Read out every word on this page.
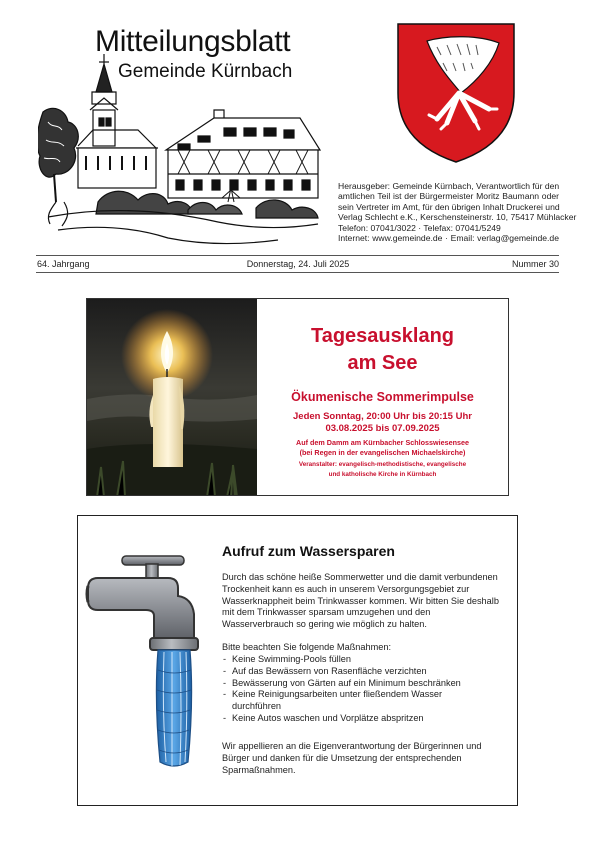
Mitteilungsblatt
Gemeinde Kürnbach
Herausgeber: Gemeinde Kürnbach, Verantwortlich für den
amtlichen Teil ist der Bürgermeister Moritz Baumann oder
sein Vertreter im Amt, für den übrigen Inhalt Druckerei und
Verlag Schlecht e.K., Kerschensteinerstr. 10, 75417 Mühlacker
Telefon: 07041/3022 · Telefax: 07041/5249
Internet: www.gemeinde.de · Email: verlag@gemeinde.de
64. Jahrgang	Donnerstag, 24. Juli 2025	Nummer 30
Tagesausklang
am See
Ökumenische Sommerimpulse
Jeden Sonntag, 20:00 Uhr bis 20:15 Uhr
03.08.2025 bis 07.09.2025
Auf dem Damm am Kürnbacher Schlosswiesensee
(bei Regen in der evangelischen Michaelskirche)
Veranstalter: evangelisch-methodistische, evangelische
und katholische Kirche in Kürnbach
Aufruf zum Wassersparen
Durch das schöne heiße Sommerwetter und die damit verbundenen
Trockenheit kann es auch in unserem Versorgungsgebiet zur
Wasserknappheit beim Trinkwasser kommen. Wir bitten Sie deshalb
mit dem Trinkwasser sparsam umzugehen und den
Wasserverbrauch so gering wie möglich zu halten.
Bitte beachten Sie folgende Maßnahmen:
- Keine Swimming-Pools füllen
- Auf das Bewässern von Rasenfläche verzichten
- Bewässerung von Gärten auf ein Minimum beschränken
- Keine Reinigungsarbeiten unter fließendem Wasser
durchführen
- Keine Autos waschen und Vorplätze abspritzen
Wir appellieren an die Eigenverantwortung der Bürgerinnen und
Bürger und danken für die Umsetzung der entsprechenden
Sparmaßnahmen.
